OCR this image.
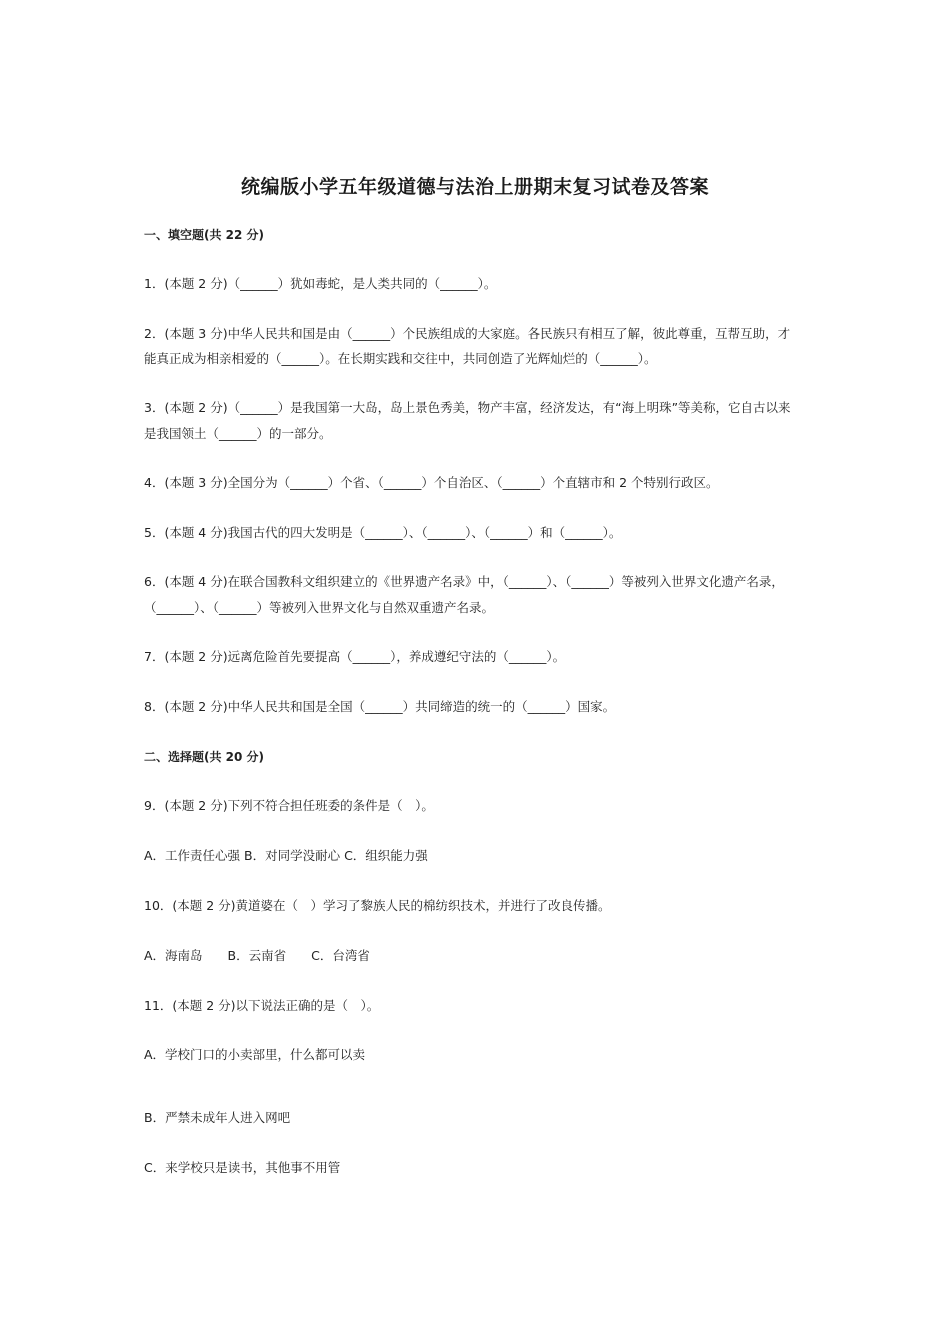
统编版小学五年级道德与法治上册期末复习试卷及答案
一、填空题(共 22 分)
1．(本题 2 分)（______）犹如毒蛇，是人类共同的（______）。
2．(本题 3 分)中华人民共和国是由（______）个民族组成的大家庭。各民族只有相互了解，彼此尊重，互帮互助，才
能真正成为相亲相爱的（______）。在长期实践和交往中，共同创造了光辉灿烂的（______）。
3．(本题 2 分)（______）是我国第一大岛，岛上景色秀美，物产丰富，经济发达，有“海上明珠”等美称，它自古以来
是我国领土（______）的一部分。
4．(本题 3 分)全国分为（______）个省、（______）个自治区、（______）个直辖市和 2 个特别行政区。
5．(本题 4 分)我国古代的四大发明是（______）、（______）、（______）和（______）。
6．(本题 4 分)在联合国教科文组织建立的《世界遗产名录》中，（______）、（______）等被列入世界文化遗产名录，
（______）、（______）等被列入世界文化与自然双重遗产名录。
7．(本题 2 分)远离危险首先要提高（______），养成遵纪守法的（______）。
8．(本题 2 分)中华人民共和国是全国（______）共同缔造的统一的（______）国家。
二、选择题(共 20 分)
9．(本题 2 分)下列不符合担任班委的条件是（　）。
A．工作责任心强 B．对同学没耐心 C．组织能力强
10．(本题 2 分)黄道婆在（　）学习了黎族人民的棉纺织技术，并进行了改良传播。
A．海南岛　　B．云南省　　C．台湾省
11．(本题 2 分)以下说法正确的是（　）。
A．学校门口的小卖部里，什么都可以卖
B．严禁未成年人进入网吧
C．来学校只是读书，其他事不用管
